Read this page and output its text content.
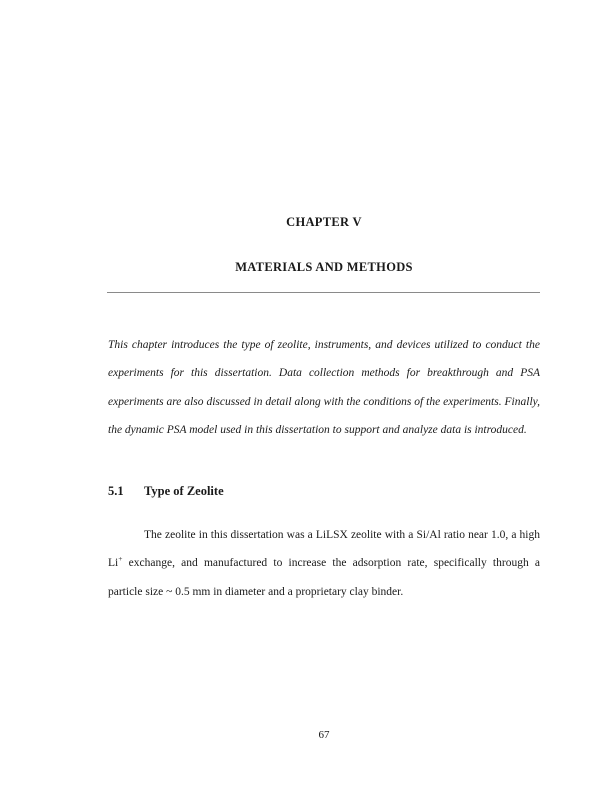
CHAPTER V
MATERIALS AND METHODS

This chapter introduces the type of zeolite, instruments, and devices utilized to conduct the experiments for this dissertation. Data collection methods for breakthrough and PSA experiments are also discussed in detail along with the conditions of the experiments. Finally, the dynamic PSA model used in this dissertation to support and analyze data is introduced.

5.1 Type of Zeolite

The zeolite in this dissertation was a LiLSX zeolite with a Si/Al ratio near 1.0, a high Li+ exchange, and manufactured to increase the adsorption rate, specifically through a particle size ~ 0.5 mm in diameter and a proprietary clay binder.

67
